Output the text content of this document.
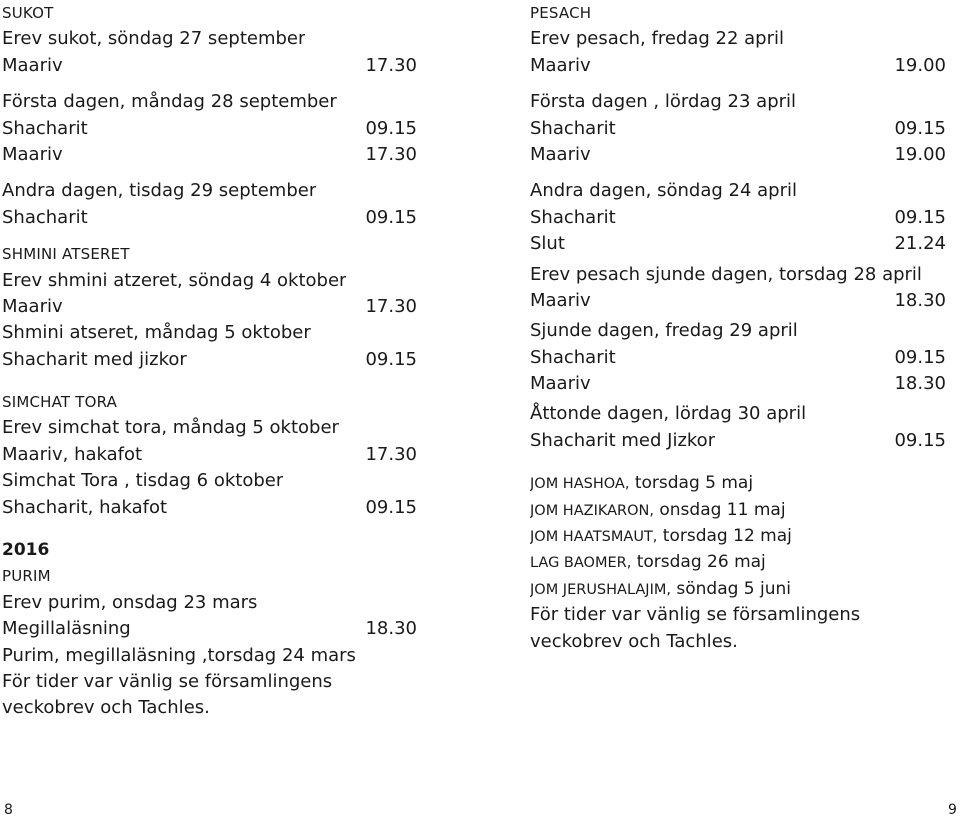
SUKOT
Erev sukot, söndag 27 september
Maariv	17.30
Första dagen, måndag 28 september
Shacharit	09.15
Maariv	17.30
Andra dagen, tisdag 29 september
Shacharit	09.15
SHMINI ATSERET
Erev shmini atzeret, söndag 4 oktober
Maariv	17.30
Shmini atseret, måndag 5 oktober
Shacharit med jizkor	09.15
SIMCHAT TORA
Erev simchat tora, måndag 5 oktober
Maariv, hakafot	17.30
Simchat Tora , tisdag 6 oktober
Shacharit, hakafot	09.15
2016
PURIM
Erev purim, onsdag 23 mars
Megillaläsning	18.30
Purim, megillaläsning ,torsdag 24 mars
För tider var vänlig se församlingens veckobrev och Tachles.
PESACH
Erev pesach, fredag 22 april
Maariv	19.00
Första dagen , lördag 23 april
Shacharit	09.15
Maariv	19.00
Andra dagen, söndag 24 april
Shacharit	09.15
Slut	21.24
Erev pesach sjunde dagen, torsdag 28 april
Maariv	18.30
Sjunde dagen, fredag 29 april
Shacharit	09.15
Maariv	18.30
Åttonde dagen, lördag 30 april
Shacharit med Jizkor	09.15
JOM HASHOA, torsdag 5 maj
JOM HAZIKARON, onsdag 11 maj
JOM HAATSMAUT, torsdag 12 maj
LAG BAOMER, torsdag 26 maj
JOM JERUSHALAJIM, söndag 5 juni
För tider var vänlig se församlingens veckobrev och Tachles.
8	9
